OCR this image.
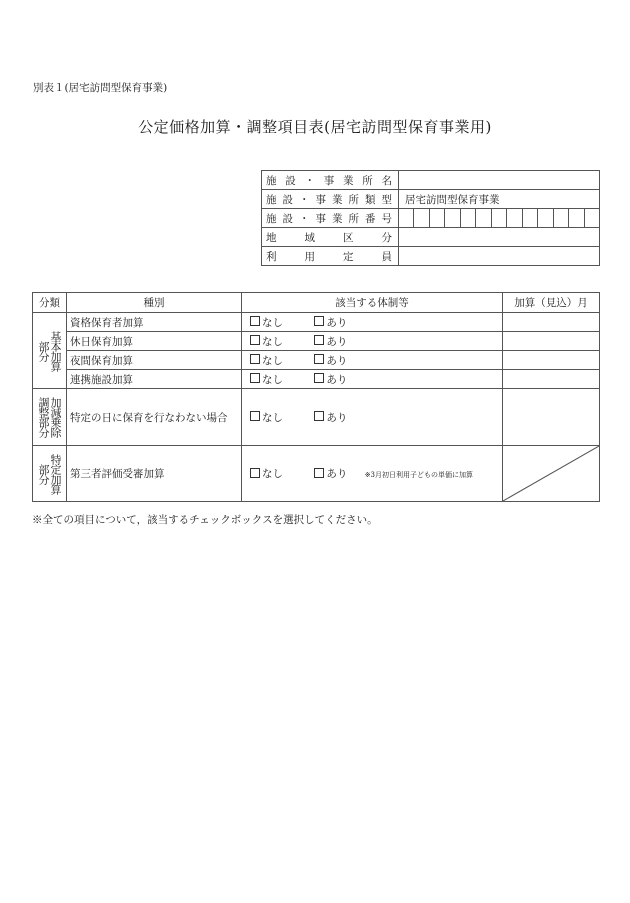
別表１(居宅訪問型保育事業)
公定価格加算・調整項目表(居宅訪問型保育事業用)
施設・事業所名	
施設・事業所類型	居宅訪問型保育事業
施設・事業所番号	

地域区分	
利用定員	
分類	種別	該当する体制等	加算（見込）月

部分 基本加算	資格保育者加算	なし あり	
	休日保育加算	なし あり	
	夜間保育加算	なし あり	
	連携施設加算	なし あり	

調整部分 加減乗除	特定の日に保育を行なわない場合	なし あり	

部分 特定加算	第三者評価受審加算	なし あり ※3月初日利用子どもの単価に加算	
※全ての項目について，該当するチェックボックスを選択してください。
